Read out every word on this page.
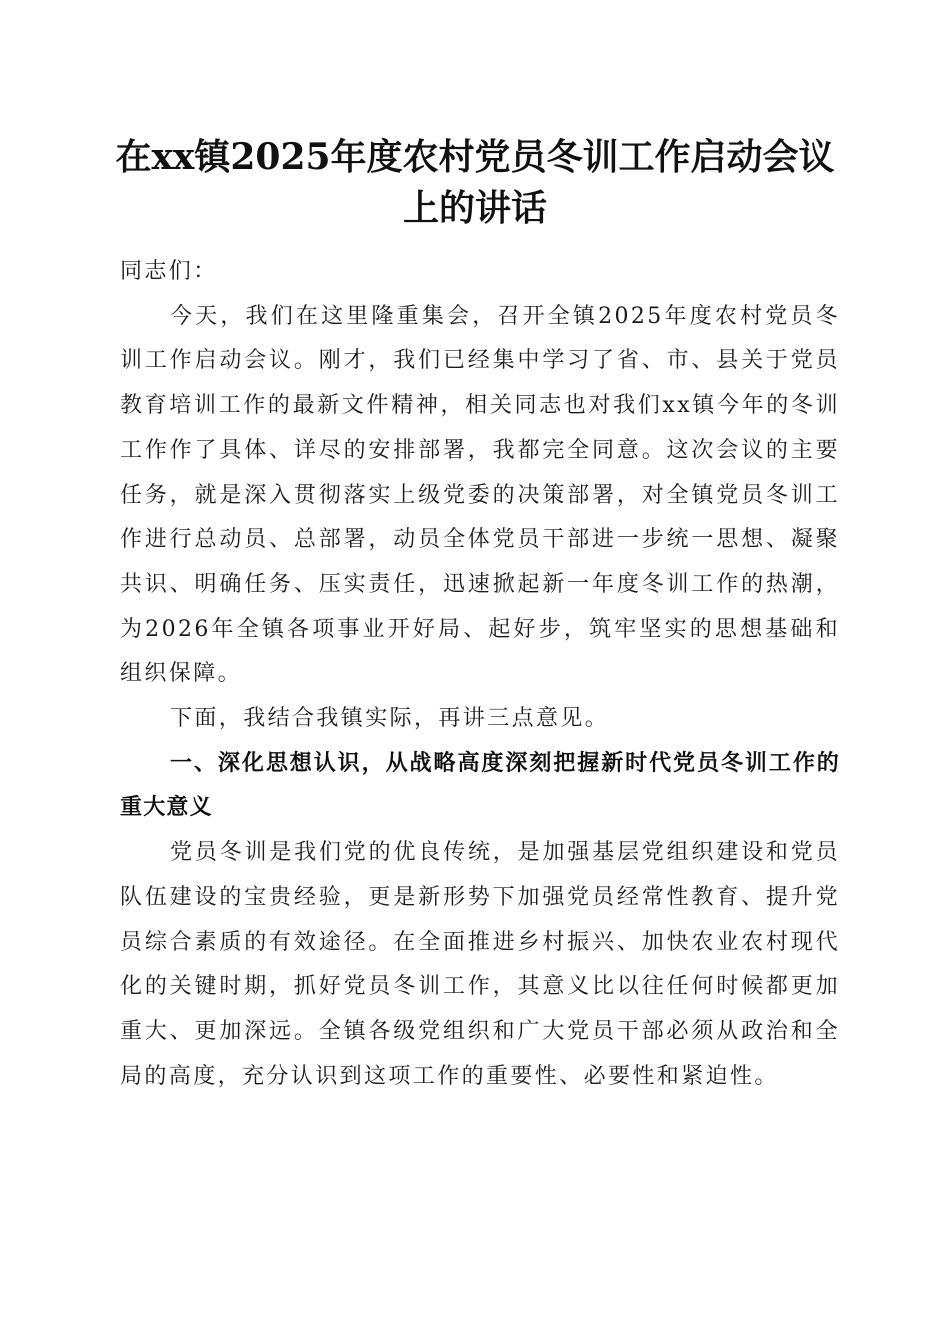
在xx镇2025年度农村党员冬训工作启动会议上的讲话

同志们：

今天，我们在这里隆重集会，召开全镇2025年度农村党员冬训工作启动会议。刚才，我们已经集中学习了省、市、县关于党员教育培训工作的最新文件精神，相关同志也对我们xx镇今年的冬训工作作了具体、详尽的安排部署，我都完全同意。这次会议的主要任务，就是深入贯彻落实上级党委的决策部署，对全镇党员冬训工作进行总动员、总部署，动员全体党员干部进一步统一思想、凝聚共识、明确任务、压实责任，迅速掀起新一年度冬训工作的热潮，为2026年全镇各项事业开好局、起好步，筑牢坚实的思想基础和组织保障。

下面，我结合我镇实际，再讲三点意见。

一、深化思想认识，从战略高度深刻把握新时代党员冬训工作的重大意义

党员冬训是我们党的优良传统，是加强基层党组织建设和党员队伍建设的宝贵经验，更是新形势下加强党员经常性教育、提升党员综合素质的有效途径。在全面推进乡村振兴、加快农业农村现代化的关键时期，抓好党员冬训工作，其意义比以往任何时候都更加重大、更加深远。全镇各级党组织和广大党员干部必须从政治和全局的高度，充分认识到这项工作的重要性、必要性和紧迫性。
